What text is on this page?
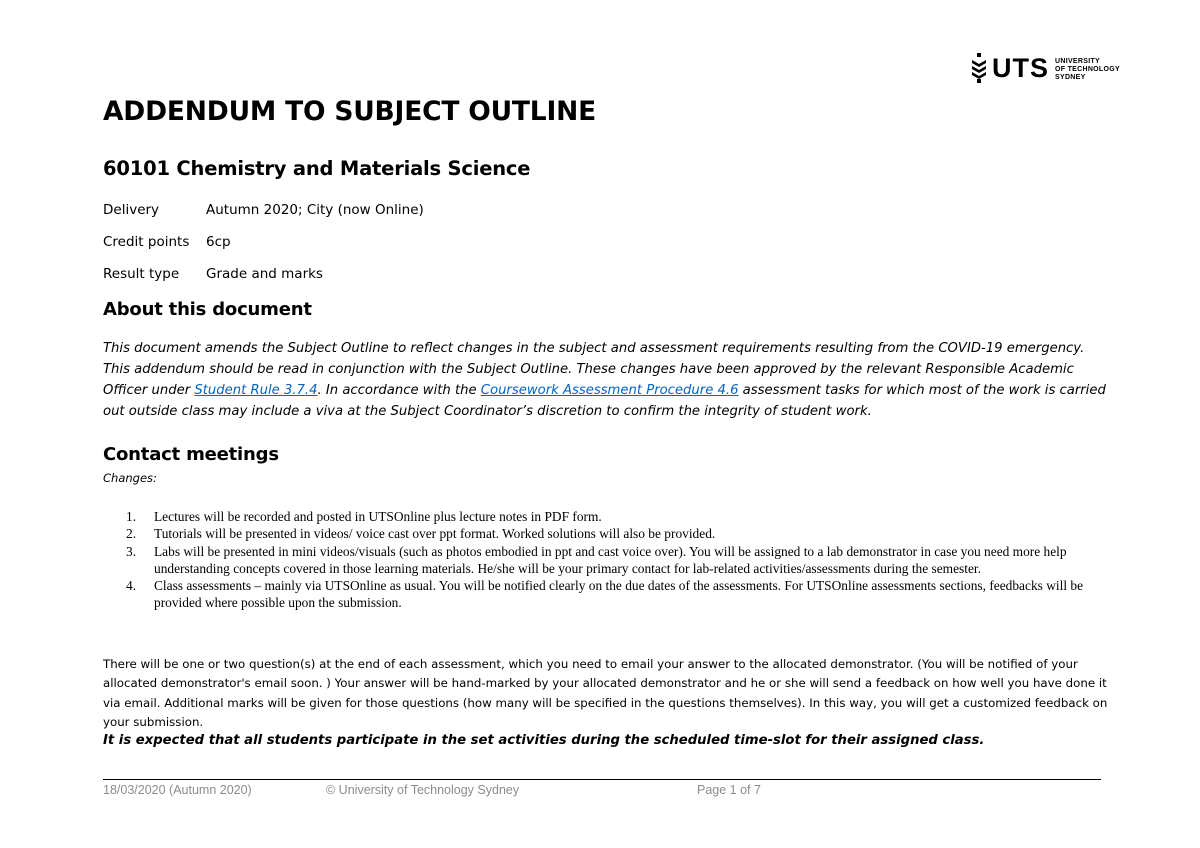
UTS UNIVERSITY
OF TECHNOLOGY
SYDNEY
ADDENDUM TO SUBJECT OUTLINE
60101 Chemistry and Materials Science
Delivery	Autumn 2020; City (now Online)
Credit points 6cp
Result type Grade and marks
About this document
This document amends the Subject Outline to reflect changes in the subject and assessment requirements resulting from the COVID-19 emergency. This addendum should be read in conjunction with the Subject Outline. These changes have been approved by the relevant Responsible Academic Officer under Student Rule 3.7.4. In accordance with the Coursework Assessment Procedure 4.6 assessment tasks for which most of the work is carried out outside class may include a viva at the Subject Coordinator’s discretion to confirm the integrity of student work.
Contact meetings
Changes:
1. Lectures will be recorded and posted in UTSOnline plus lecture notes in PDF form.
2. Tutorials will be presented in videos/ voice cast over ppt format. Worked solutions will also be provided.
3. Labs will be presented in mini videos/visuals (such as photos embodied in ppt and cast voice over). You will be assigned to a lab demonstrator in case you need more help understanding concepts covered in those learning materials. He/she will be your primary contact for lab-related activities/assessments during the semester.
4. Class assessments – mainly via UTSOnline as usual. You will be notified clearly on the due dates of the assessments. For UTSOnline assessments sections, feedbacks will be provided where possible upon the submission.
There will be one or two question(s) at the end of each assessment, which you need to email your answer to the allocated demonstrator. (You will be notified of your allocated demonstrator's email soon. ) Your answer will be hand-marked by your allocated demonstrator and he or she will send a feedback on how well you have done it via email. Additional marks will be given for those questions (how many will be specified in the questions themselves). In this way, you will get a customized feedback on your submission.
It is expected that all students participate in the set activities during the scheduled time-slot for their assigned class.
18/03/2020 (Autumn 2020)	© University of Technology Sydney	Page 1 of 7
